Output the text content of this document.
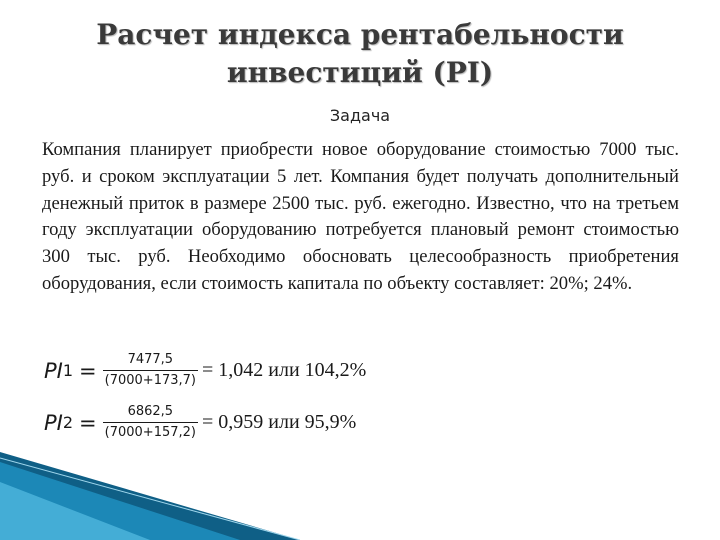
Расчет индекса рентабельности
инвестиций (PI)

Задача

Компания планирует приобрести новое оборудование стоимостью 7000 тыс. руб. и сроком эксплуатации 5 лет. Компания будет получать дополнительный денежный приток в размере 2500 тыс. руб. ежегодно. Известно, что на третьем году эксплуатации оборудованию потребуется плановый ремонт стоимостью 300 тыс. руб. Необходимо обосновать целесообразность приобретения оборудования, если стоимость капитала по объекту составляет: 20%; 24%.

PI $1 = \frac{7477,5}{(7000+173,7)} = 1,042$ или 104,2%
PI $2 = \frac{6862,5}{(7000+157,2)} = 0,959$ или 95,9%
